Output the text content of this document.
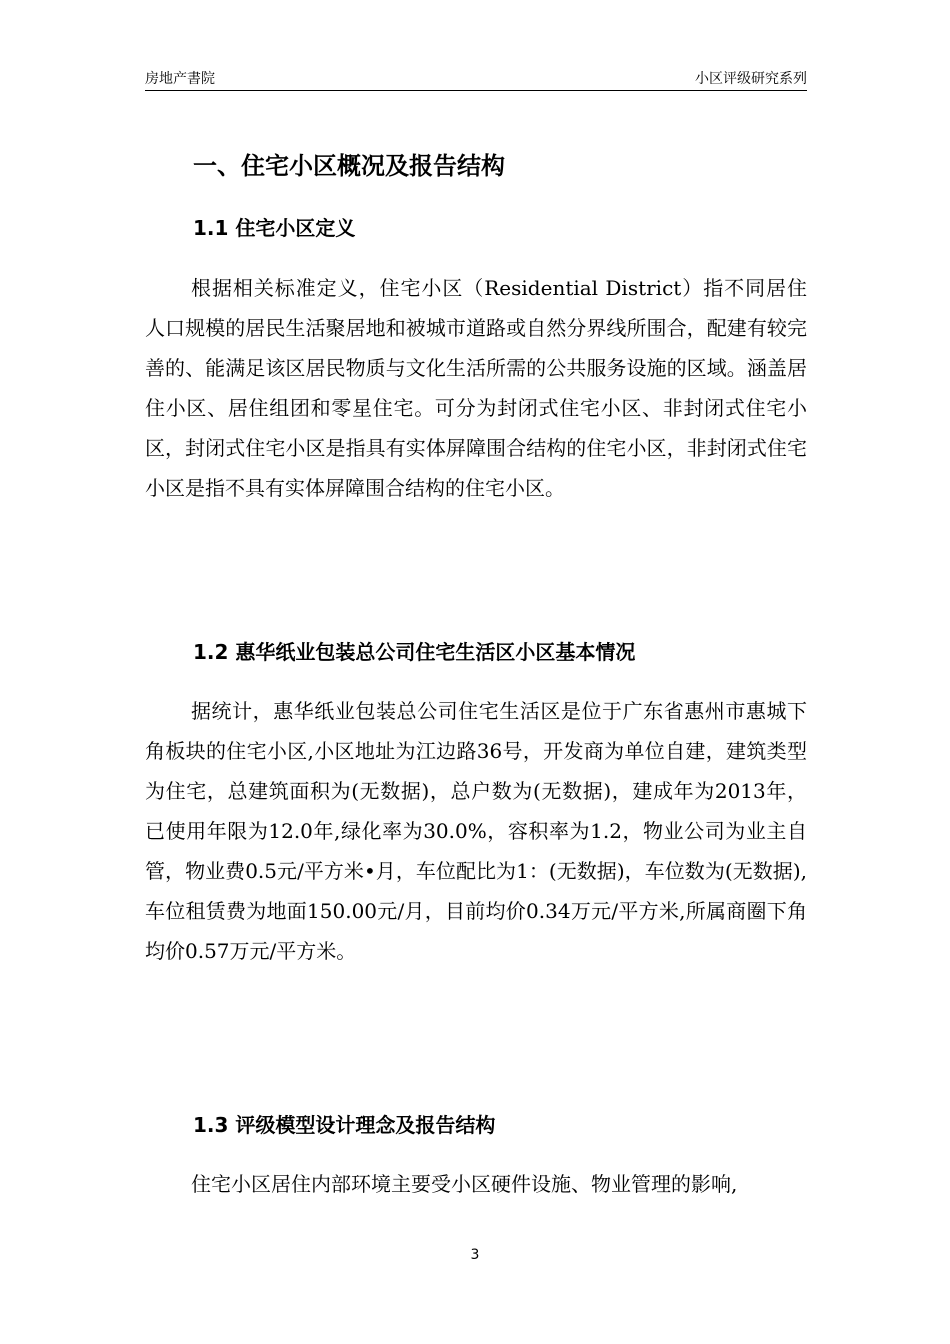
房地产書院	小区评级研究系列
一、住宅小区概况及报告结构
1.1 住宅小区定义

根据相关标准定义，住宅小区（Residential District）指不同居住人口规模的居民生活聚居地和被城市道路或自然分界线所围合，配建有较完善的、能满足该区居民物质与文化生活所需的公共服务设施的区域。涵盖居住小区、居住组团和零星住宅。可分为封闭式住宅小区、非封闭式住宅小区，封闭式住宅小区是指具有实体屏障围合结构的住宅小区，非封闭式住宅小区是指不具有实体屏障围合结构的住宅小区。

1.2 惠华纸业包装总公司住宅生活区小区基本情况

据统计，惠华纸业包装总公司住宅生活区是位于广东省惠州市惠城下角板块的住宅小区,小区地址为江边路36号，开发商为单位自建，建筑类型为住宅，总建筑面积为(无数据)，总户数为(无数据)，建成年为2013年，已使用年限为12.0年,绿化率为30.0%，容积率为1.2，物业公司为业主自管，物业费0.5元/平方米•月，车位配比为1：(无数据)，车位数为(无数据),车位租赁费为地面150.00元/月，目前均价0.34万元/平方米,所属商圈下角均价0.57万元/平方米。

1.3 评级模型设计理念及报告结构

住宅小区居住内部环境主要受小区硬件设施、物业管理的影响,

3
